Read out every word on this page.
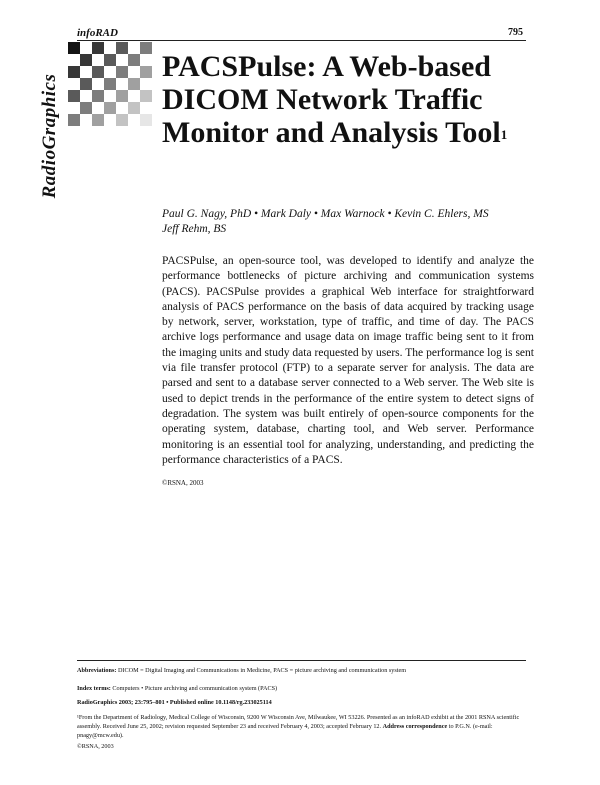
infoRAD	795
RadioGraphics
PACSPulse: A Web-based DICOM Network Traffic Monitor and Analysis Tool$^1$
Paul G. Nagy, PhD • Mark Daly • Max Warnock • Kevin C. Ehlers, MS
Jeff Rehm, BS

PACSPulse, an open-source tool, was developed to identify and analyze the performance bottlenecks of picture archiving and communication systems (PACS). PACSPulse provides a graphical Web interface for straightforward analysis of PACS performance on the basis of data acquired by tracking usage by network, server, workstation, type of traffic, and time of day. The PACS archive logs performance and usage data on image traffic being sent to it from the imaging units and study data requested by users. The performance log is sent via file transfer protocol (FTP) to a separate server for analysis. The data are parsed and sent to a database server connected to a Web server. The Web site is used to depict trends in the performance of the entire system to detect signs of degradation. The system was built entirely of open-source components for the operating system, database, charting tool, and Web server. Performance monitoring is an essential tool for analyzing, understanding, and predicting the performance characteristics of a PACS.

©RSNA, 2003
Abbreviations: DICOM = Digital Imaging and Communications in Medicine, PACS = picture archiving and communication system
Index terms: Computers • Picture archiving and communication system (PACS)
RadioGraphics 2003; 23:795–801 • Published online 10.1148/rg.233025114
¹From the Department of Radiology, Medical College of Wisconsin, 9200 W Wisconsin Ave, Milwaukee, WI 53226. Presented as an infoRAD exhibit at the 2001 RSNA scientific assembly. Received June 25, 2002; revision requested September 23 and received February 4, 2003; accepted February 12. Address correspondence to P.G.N. (e-mail: pnagy@mcw.edu).
©RSNA, 2003
